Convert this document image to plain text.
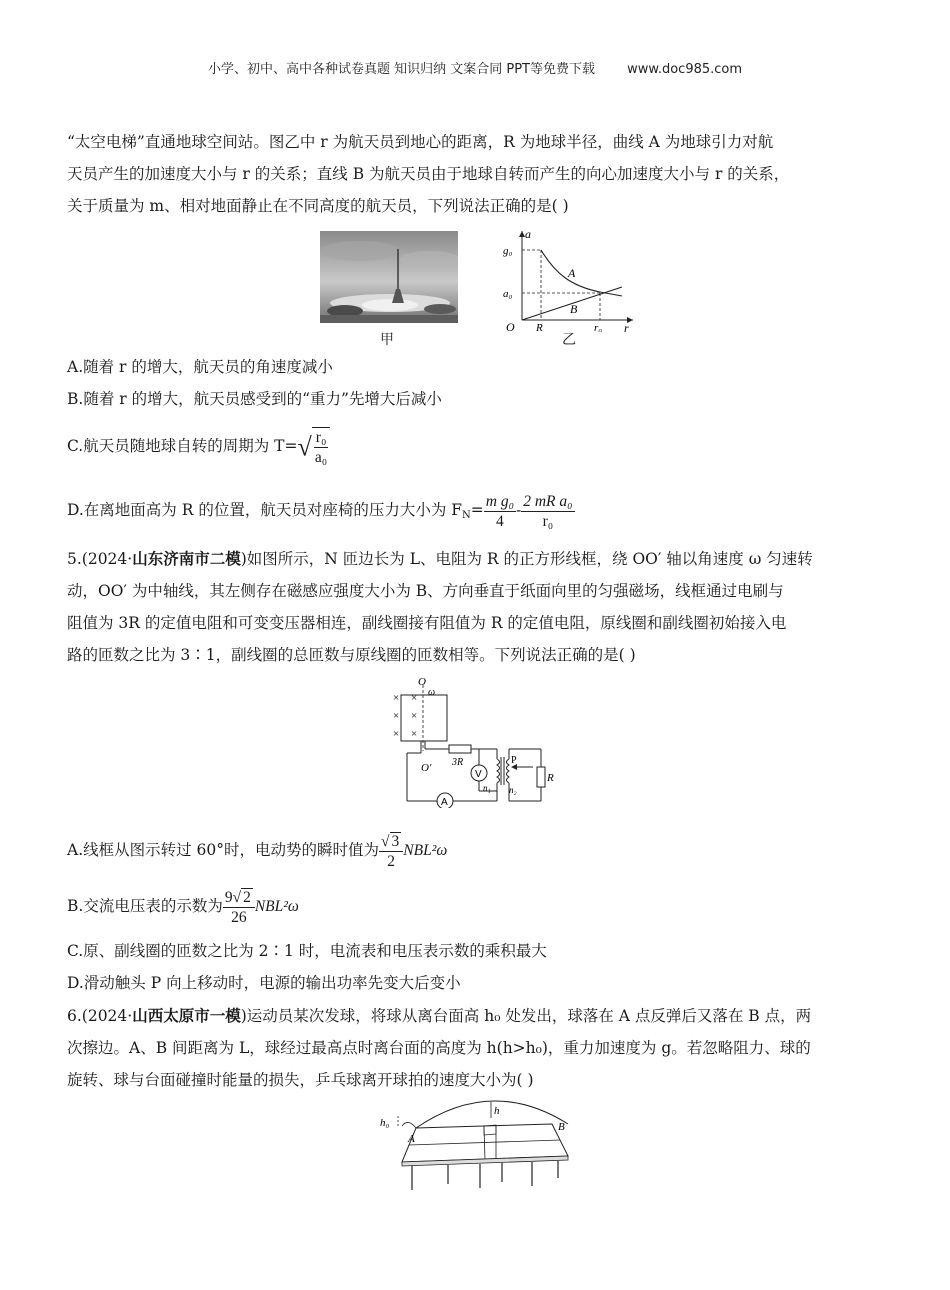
小学、初中、高中各种试卷真题 知识归纳 文案合同 PPT等免费下载 www.doc985.com
“太空电梯”直通地球空间站。图乙中 r 为航天员到地心的距离，R 为地球半径，曲线 A 为地球引力对航
天员产生的加速度大小与 r 的关系；直线 B 为航天员由于地球自转而产生的向心加速度大小与 r 的关系，
关于质量为 m、相对地面静止在不同高度的航天员，下列说法正确的是( )
甲
a
r
O
g₀
a₀
R	r₀
A
B
乙
A.随着 r 的增大，航天员的角速度减小
B.随着 r 的增大，航天员感受到的“重力”先增大后减小
C.航天员随地球自转的周期为 $T=√ \frac{\text{r₀}}{\text{a₀}}$
D.在离地面高为 R 的位置，航天员对座椅的压力大小为 $F_N= \frac{\text{m g₀}}{4} - \frac{\text{2 mR a₀}}{\text{r₀}}$
5.(2024·山东济南市二模)如图所示，N 匝边长为 L、电阻为 R 的正方形线框，绕 OO′ 轴以角速度 ω 匀速转
动，OO′ 为中轴线，其左侧存在磁感应强度大小为 B、方向垂直于纸面向里的匀强磁场，线框通过电刷与
阻值为 3R 的定值电阻和可变变压器相连，副线圈接有阻值为 R 的定值电阻，原线圈和副线圈初始接入电
路的匝数之比为 3∶1，副线圈的总匝数与原线圈的匝数相等。下列说法正确的是( )
× ×
× ×
× ×
O
ω
O′ 3R
A
V
P
n₁ n₂
R
A.线框从图示转过 60°时，电动势的瞬时值为 $\frac{√ 3}{2} NBL^2\omega$
B.交流电压表的示数为 $\frac{9√ 2}{26} NBL^2\omega$
C.原、副线圈的匝数之比为 2∶1 时，电流表和电压表示数的乘积最大
D.滑动触头 P 向上移动时，电源的输出功率先变大后变小
6.(2024·山西太原市一模)运动员某次发球，将球从离台面高 h₀ 处发出，球落在 A 点反弹后又落在 B 点，两
次擦边。A、B 间距离为 L，球经过最高点时离台面的高度为 h(h>h₀)，重力加速度为 g。若忽略阻力、球的
旋转、球与台面碰撞时能量的损失，乒乓球离开球拍的速度大小为( )
h₀
h
A
B
